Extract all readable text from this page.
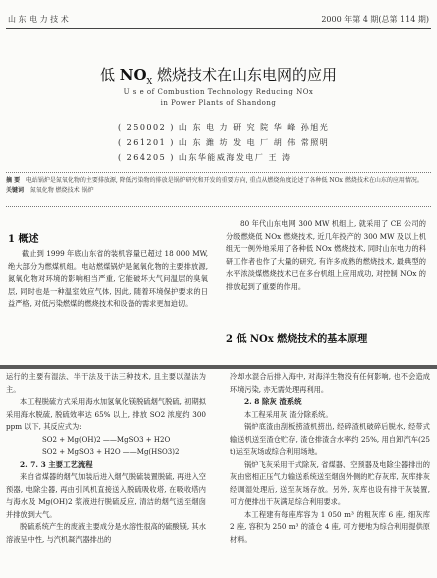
山 东 电 力 技 术	2000 年第 4 期(总第 114 期)
低 $NO_X$ 燃烧技术在山东电网的应用
U s e of Combustion Technology Reducing NOx
in Power Plants of Shandong
( 250002 ) 山 东 电 力 研 究 院 华 峰 孙旭光
( 261201 ) 山 东 潍 坊 发 电 厂 胡 伟 常照明
( 264205 ) 山东华能威海发电厂 王 涛
摘 要 电站锅炉是氮氧化物的主要排放源, 降低污染物的排放是锅炉研究和开发的重要方向, 重点从燃烧角度论述了各种低 NOx 燃烧技术在山东的应用情况。
关键词 氮氧化物 燃烧技术 锅炉
1 概述

截止到 1999 年底山东省的装机容量已超过 18 000 MW, 绝大部分为燃煤机组。电站燃煤锅炉是氮氧化物的主要排放源, 氮氧化物对环境的影响相当严重, 它能破坏大气问温层的臭氧层, 同时也是一种温室效应气体, 因此, 随着环境保护要求的日益严格, 对低污染燃煤的燃烧技术和设备的需求更加迫切。

80 年代山东电网 300 MW 机组上, 就采用了 CE 公司的分级燃烧低 NOx 燃烧技术, 近几年投产的 300 MW 及以上机组无一例外地采用了各种低 NOx 燃烧技术, 同时山东电力的科研工作者也作了大量的研究, 有许多成熟的燃烧技术, 最典型的水平浓淡煤燃烧技术已在多台机组上应用成功, 对控制 NOx 的排放起到了重要的作用。

2 低 NOx 燃烧技术的基本原理

运行的主要有湿法、半干法及干法三种技术, 且主要以湿法为主。

本工程脱硫方式采用海水加氢氧化镁脱硫烟气脱硫, 初期拟采用海水脱硫, 脱硫效率达 65% 以上, 排放 SO2 浓度约 300 ppm 以下, 其反应式为:

SO2 + Mg(OH)2 ——MgSO3 + H2O

SO2 + MgSO3 + H2O ——Mg(HSO3)2

2. 7. 3 主要工艺流程

来自省煤器的烟气加装后进入烟气脱硫装置脱硫, 再进入空预器, 电除尘器, 再由引风机直接送入脱硫吸收塔, 在吸收塔内与海水及 Mg(OH)2 浆液进行脱硫反应, 清洁的烟气送至烟囱并排放到大气。

脱硫系统产生的废液主要成分是水溶性很高的硫酸镁, 其水溶液呈中性, 与汽机凝汽器排出的

冷却水混合后排入海中, 对海洋生物没有任何影响, 也不会造成环境污染, 亦无需处理再利用。

2. 8 除灰 渣系统

本工程采用灰 渣分除系统。

锅炉底渣由刮板捞渣机捞出, 经碎渣机破碎后脱水, 经带式输送机送至渣仓贮存, 渣仓排渣含水率约 25%, 用自卸汽车(25 t)运至灰场或综合利用场地。

锅炉飞灰采用干式除灰, 省煤器、空预器及电除尘器排出的灰由密相正压气力输送系统送至烟囱外侧的贮存灰库, 灰库排灰经调湿处理后, 送至灰场存放。另外, 灰库也设有排干灰装置, 可方便排出干灰满足综合利用要求。

本工程建有每座库容为 1 050 m³ 的粗灰库 6 座, 细灰库 2 座, 容积为 250 m³ 的渣仓 4 座, 可方便地为综合利用提供原材料。
